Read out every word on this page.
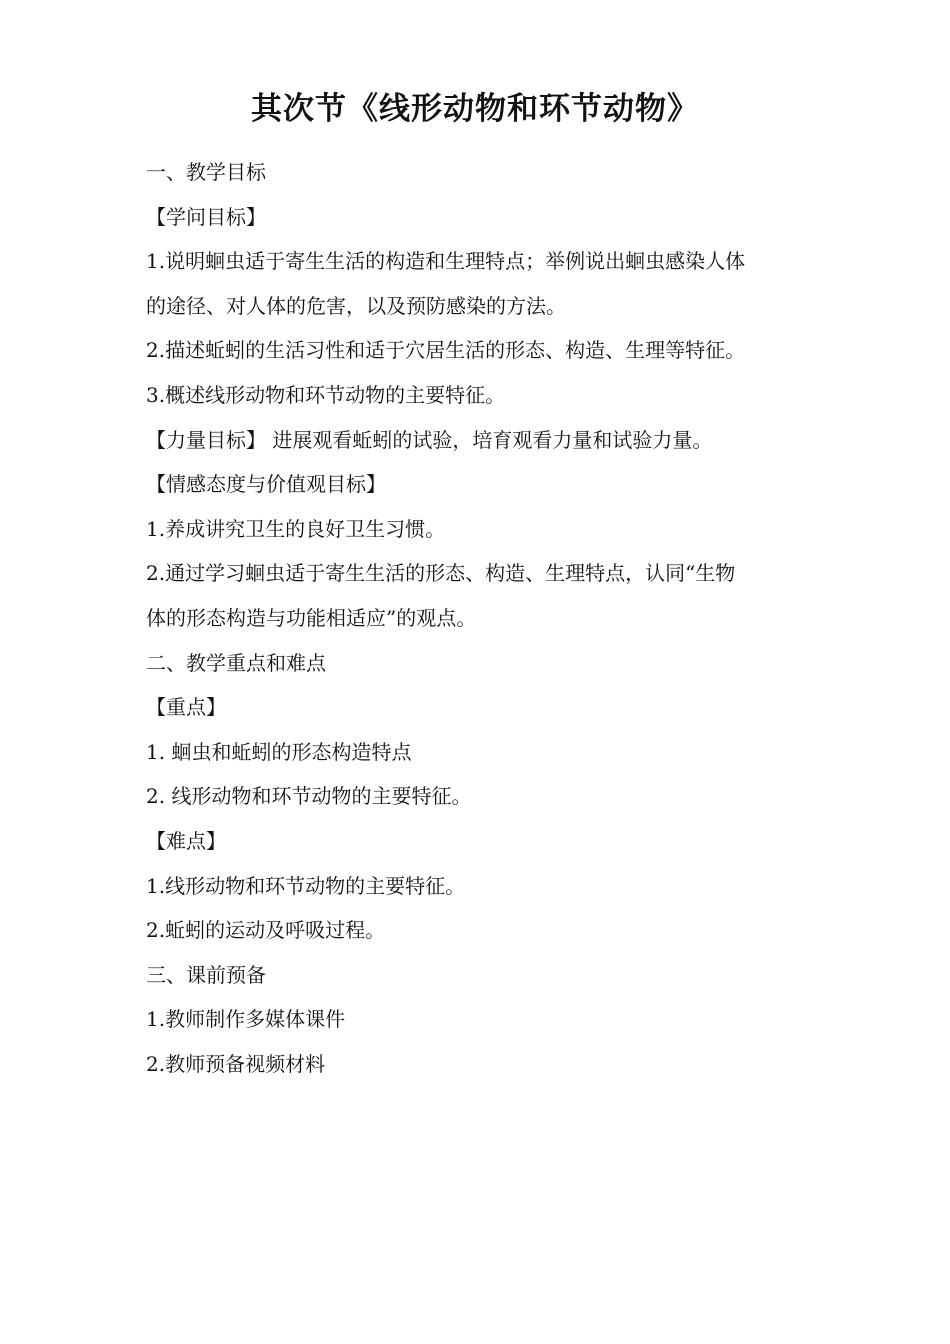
其次节《线形动物和环节动物》
一、教学目标
【学问目标】
1.说明蛔虫适于寄生生活的构造和生理特点；举例说出蛔虫感染人体
的途径、对人体的危害，以及预防感染的方法。
2.描述蚯蚓的生活习性和适于穴居生活的形态、构造、生理等特征。
3.概述线形动物和环节动物的主要特征。
【力量目标】 进展观看蚯蚓的试验，培育观看力量和试验力量。
【情感态度与价值观目标】
1.养成讲究卫生的良好卫生习惯。
2.通过学习蛔虫适于寄生生活的形态、构造、生理特点，认同“生物
体的形态构造与功能相适应”的观点。
二、教学重点和难点
【重点】
1. 蛔虫和蚯蚓的形态构造特点
2. 线形动物和环节动物的主要特征。
【难点】
1.线形动物和环节动物的主要特征。
2.蚯蚓的运动及呼吸过程。
三、课前预备
1.教师制作多媒体课件
2.教师预备视频材料
